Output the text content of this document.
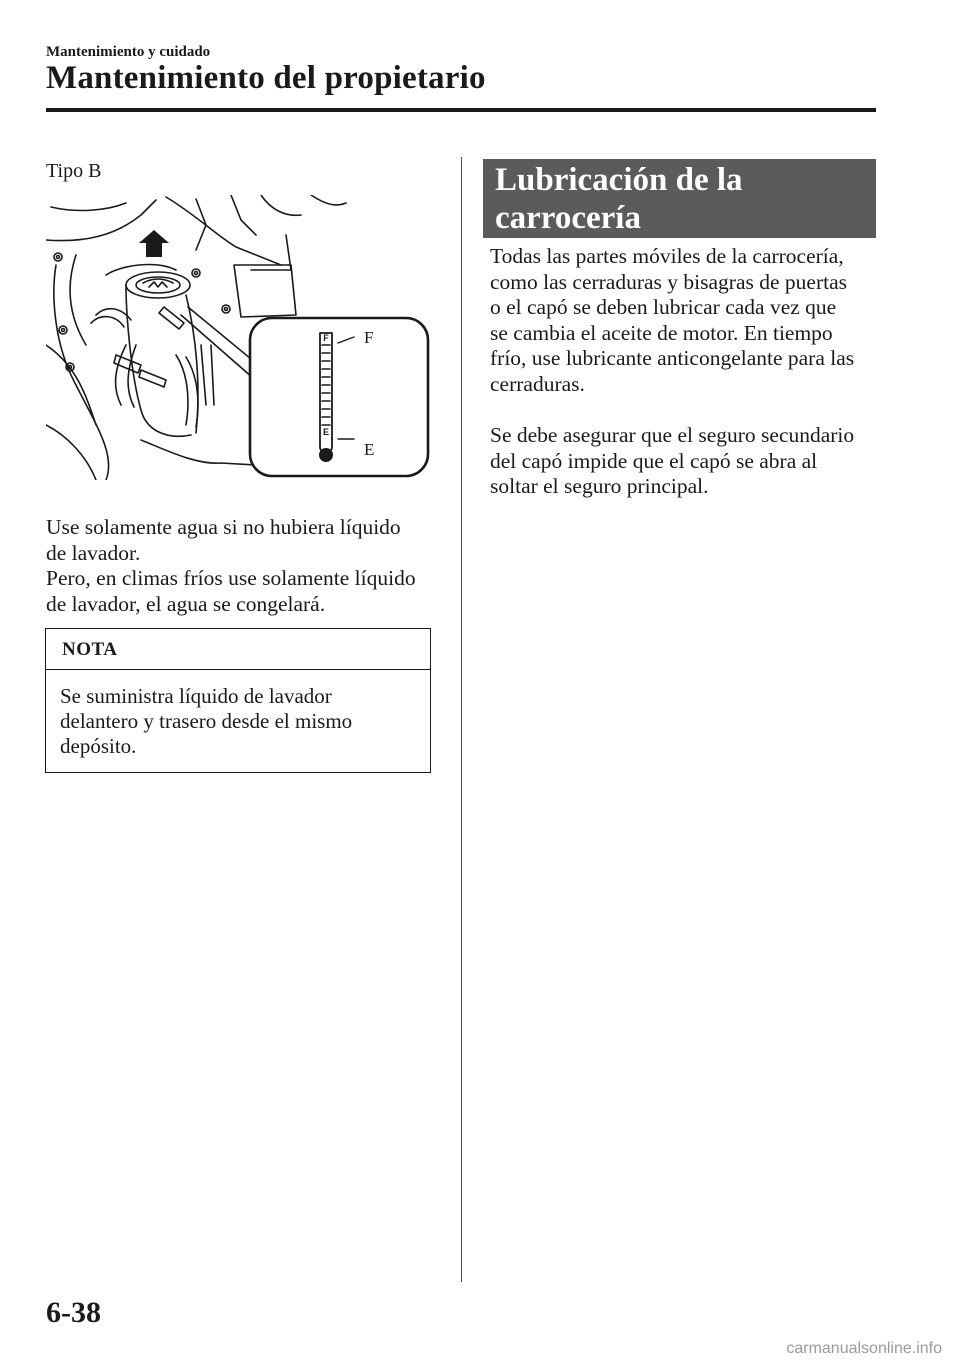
Mantenimiento y cuidado
Mantenimiento del propietario
Tipo B
F
E
F
E
Use solamente agua si no hubiera líquido
de lavador.
Pero, en climas fríos use solamente líquido
de lavador, el agua se congelará.
NOTA
Se suministra líquido de lavador
delantero y trasero desde el mismo
depósito.
Lubricación de la
carrocería
Todas las partes móviles de la carrocería,
como las cerraduras y bisagras de puertas
o el capó se deben lubricar cada vez que
se cambia el aceite de motor. En tiempo
frío, use lubricante anticongelante para las
cerraduras.
Se debe asegurar que el seguro secundario
del capó impide que el capó se abra al
soltar el seguro principal.
6-38
carmanualsonline.info
